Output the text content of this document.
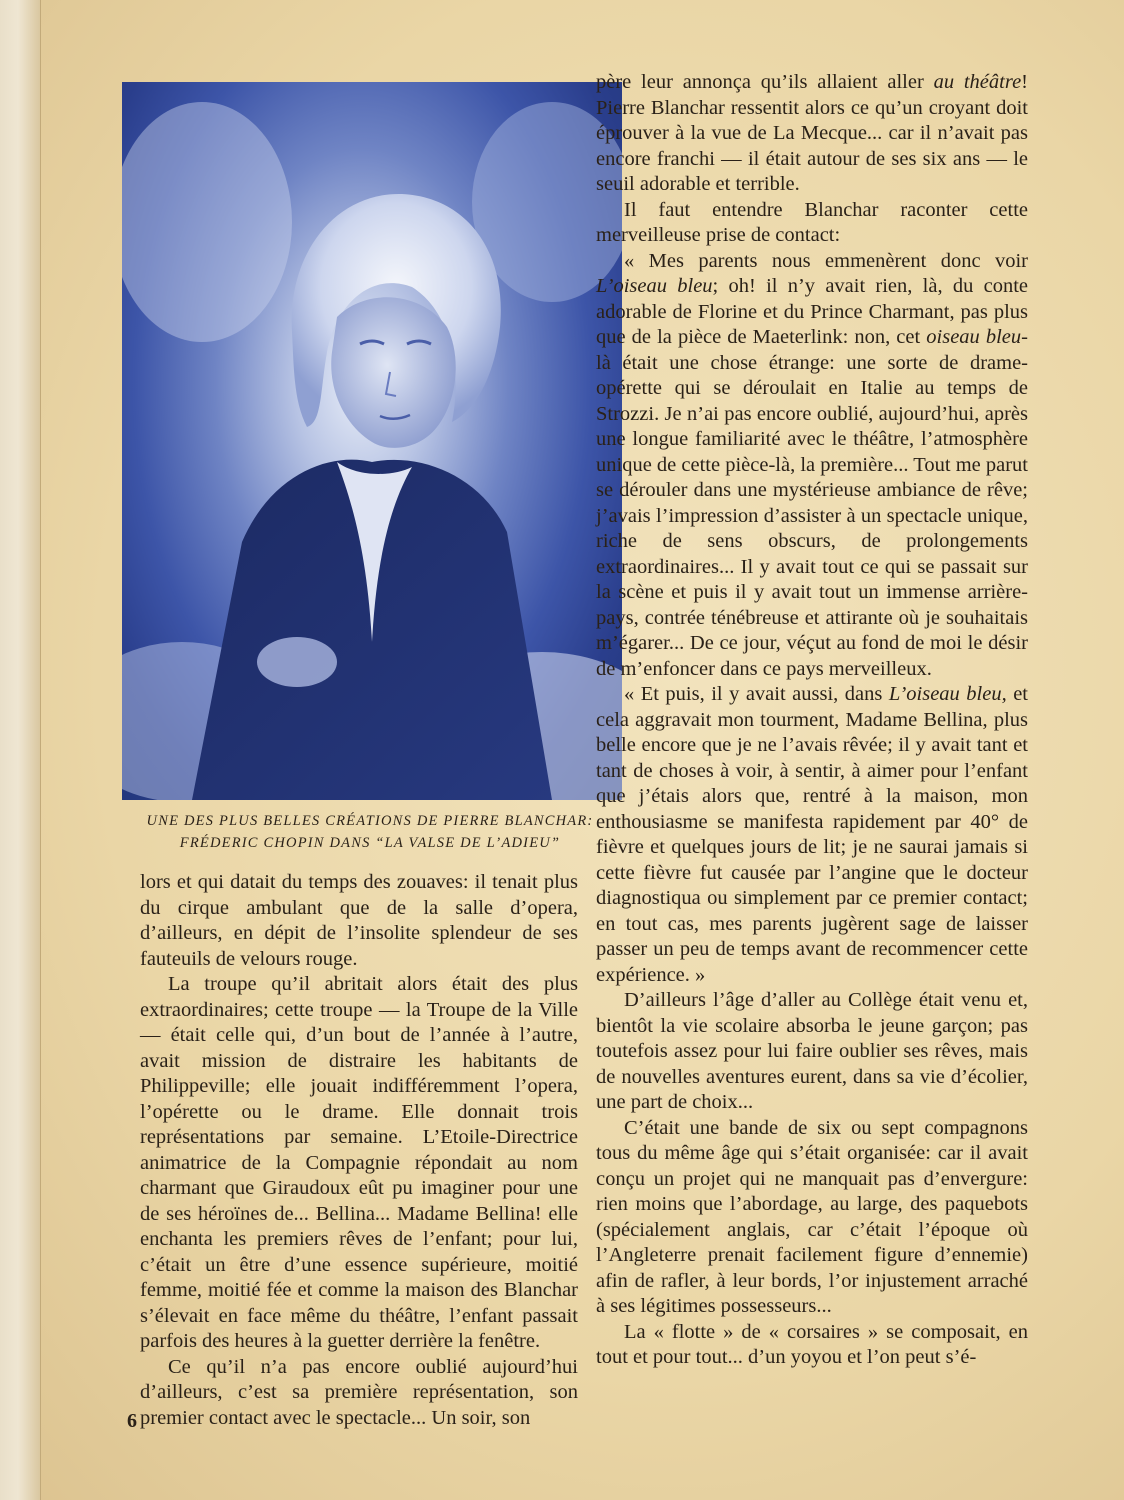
UNE DES PLUS BELLES CRÉATIONS DE PIERRE BLANCHAR:
FRÉDERIC CHOPIN DANS “LA VALSE DE L’ADIEU”

père leur annonça qu’ils allaient aller au théâtre! Pierre Blanchar ressentit alors ce qu’un croyant doit éprouver à la vue de La Mecque... car il n’avait pas encore franchi — il était autour de ses six ans — le seuil adorable et terrible.

Il faut entendre Blanchar raconter cette merveilleuse prise de contact:

« Mes parents nous emmenèrent donc voir L’oiseau bleu; oh! il n’y avait rien, là, du conte adorable de Florine et du Prince Charmant, pas plus que de la pièce de Maeterlink: non, cet oiseau bleu-là était une chose étrange: une sorte de drame-opérette qui se déroulait en Italie au temps de Strozzi. Je n’ai pas encore oublié, aujourd’hui, après une longue familiarité avec le théâtre, l’atmosphère unique de cette pièce-là, la première... Tout me parut se dérouler dans une mystérieuse ambiance de rêve; j’avais l’impression d’assister à un spectacle unique, riche de sens obscurs, de prolongements extraordinaires... Il y avait tout ce qui se passait sur la scène et puis il y avait tout un immense arrière-pays, contrée ténébreuse et attirante où je souhaitais m’égarer... De ce jour, véçut au fond de moi le désir de m’enfoncer dans ce pays merveilleux.

« Et puis, il y avait aussi, dans L’oiseau bleu, et cela aggravait mon tourment, Madame Bellina, plus belle encore que je ne l’avais rêvée; il y avait tant et tant de choses à voir, à sentir, à aimer pour l’enfant que j’étais alors que, rentré à la maison, mon enthousiasme se manifesta rapidement par 40° de fièvre et quelques jours de lit; je ne saurai jamais si cette fièvre fut causée par l’angine que le docteur diagnostiqua ou simplement par ce premier contact; en tout cas, mes parents jugèrent sage de laisser passer un peu de temps avant de recommencer cette expérience. »

D’ailleurs l’âge d’aller au Collège était venu et, bientôt la vie scolaire absorba le jeune garçon; pas toutefois assez pour lui faire oublier ses rêves, mais de nouvelles aventures eurent, dans sa vie d’écolier, une part de choix...

C’était une bande de six ou sept compagnons tous du même âge qui s’était organisée: car il avait conçu un projet qui ne manquait pas d’envergure: rien moins que l’abordage, au large, des paquebots (spécialement anglais, car c’était l’époque où l’Angleterre prenait facilement figure d’ennemie) afin de rafler, à leur bords, l’or injustement arraché à ses légitimes possesseurs...

La « flotte » de « corsaires » se composait, en tout et pour tout... d’un yoyou et l’on peut s’é-

lors et qui datait du temps des zouaves: il tenait plus du cirque ambulant que de la salle d’opera, d’ailleurs, en dépit de l’insolite splendeur de ses fauteuils de velours rouge.

La troupe qu’il abritait alors était des plus extraordinaires; cette troupe — la Troupe de la Ville — était celle qui, d’un bout de l’année à l’autre, avait mission de distraire les habitants de Philippeville; elle jouait indifféremment l’opera, l’opérette ou le drame. Elle donnait trois représentations par semaine. L’Etoile-Directrice animatrice de la Compagnie répondait au nom charmant que Giraudoux eût pu imaginer pour une de ses héroïnes de... Bellina... Madame Bellina! elle enchanta les premiers rêves de l’enfant; pour lui, c’était un être d’une essence supérieure, moitié femme, moitié fée et comme la maison des Blanchar s’élevait en face même du théâtre, l’enfant passait parfois des heures à la guetter derrière la fenêtre.

Ce qu’il n’a pas encore oublié aujourd’hui d’ailleurs, c’est sa première représentation, son premier contact avec le spectacle... Un soir, son

6
